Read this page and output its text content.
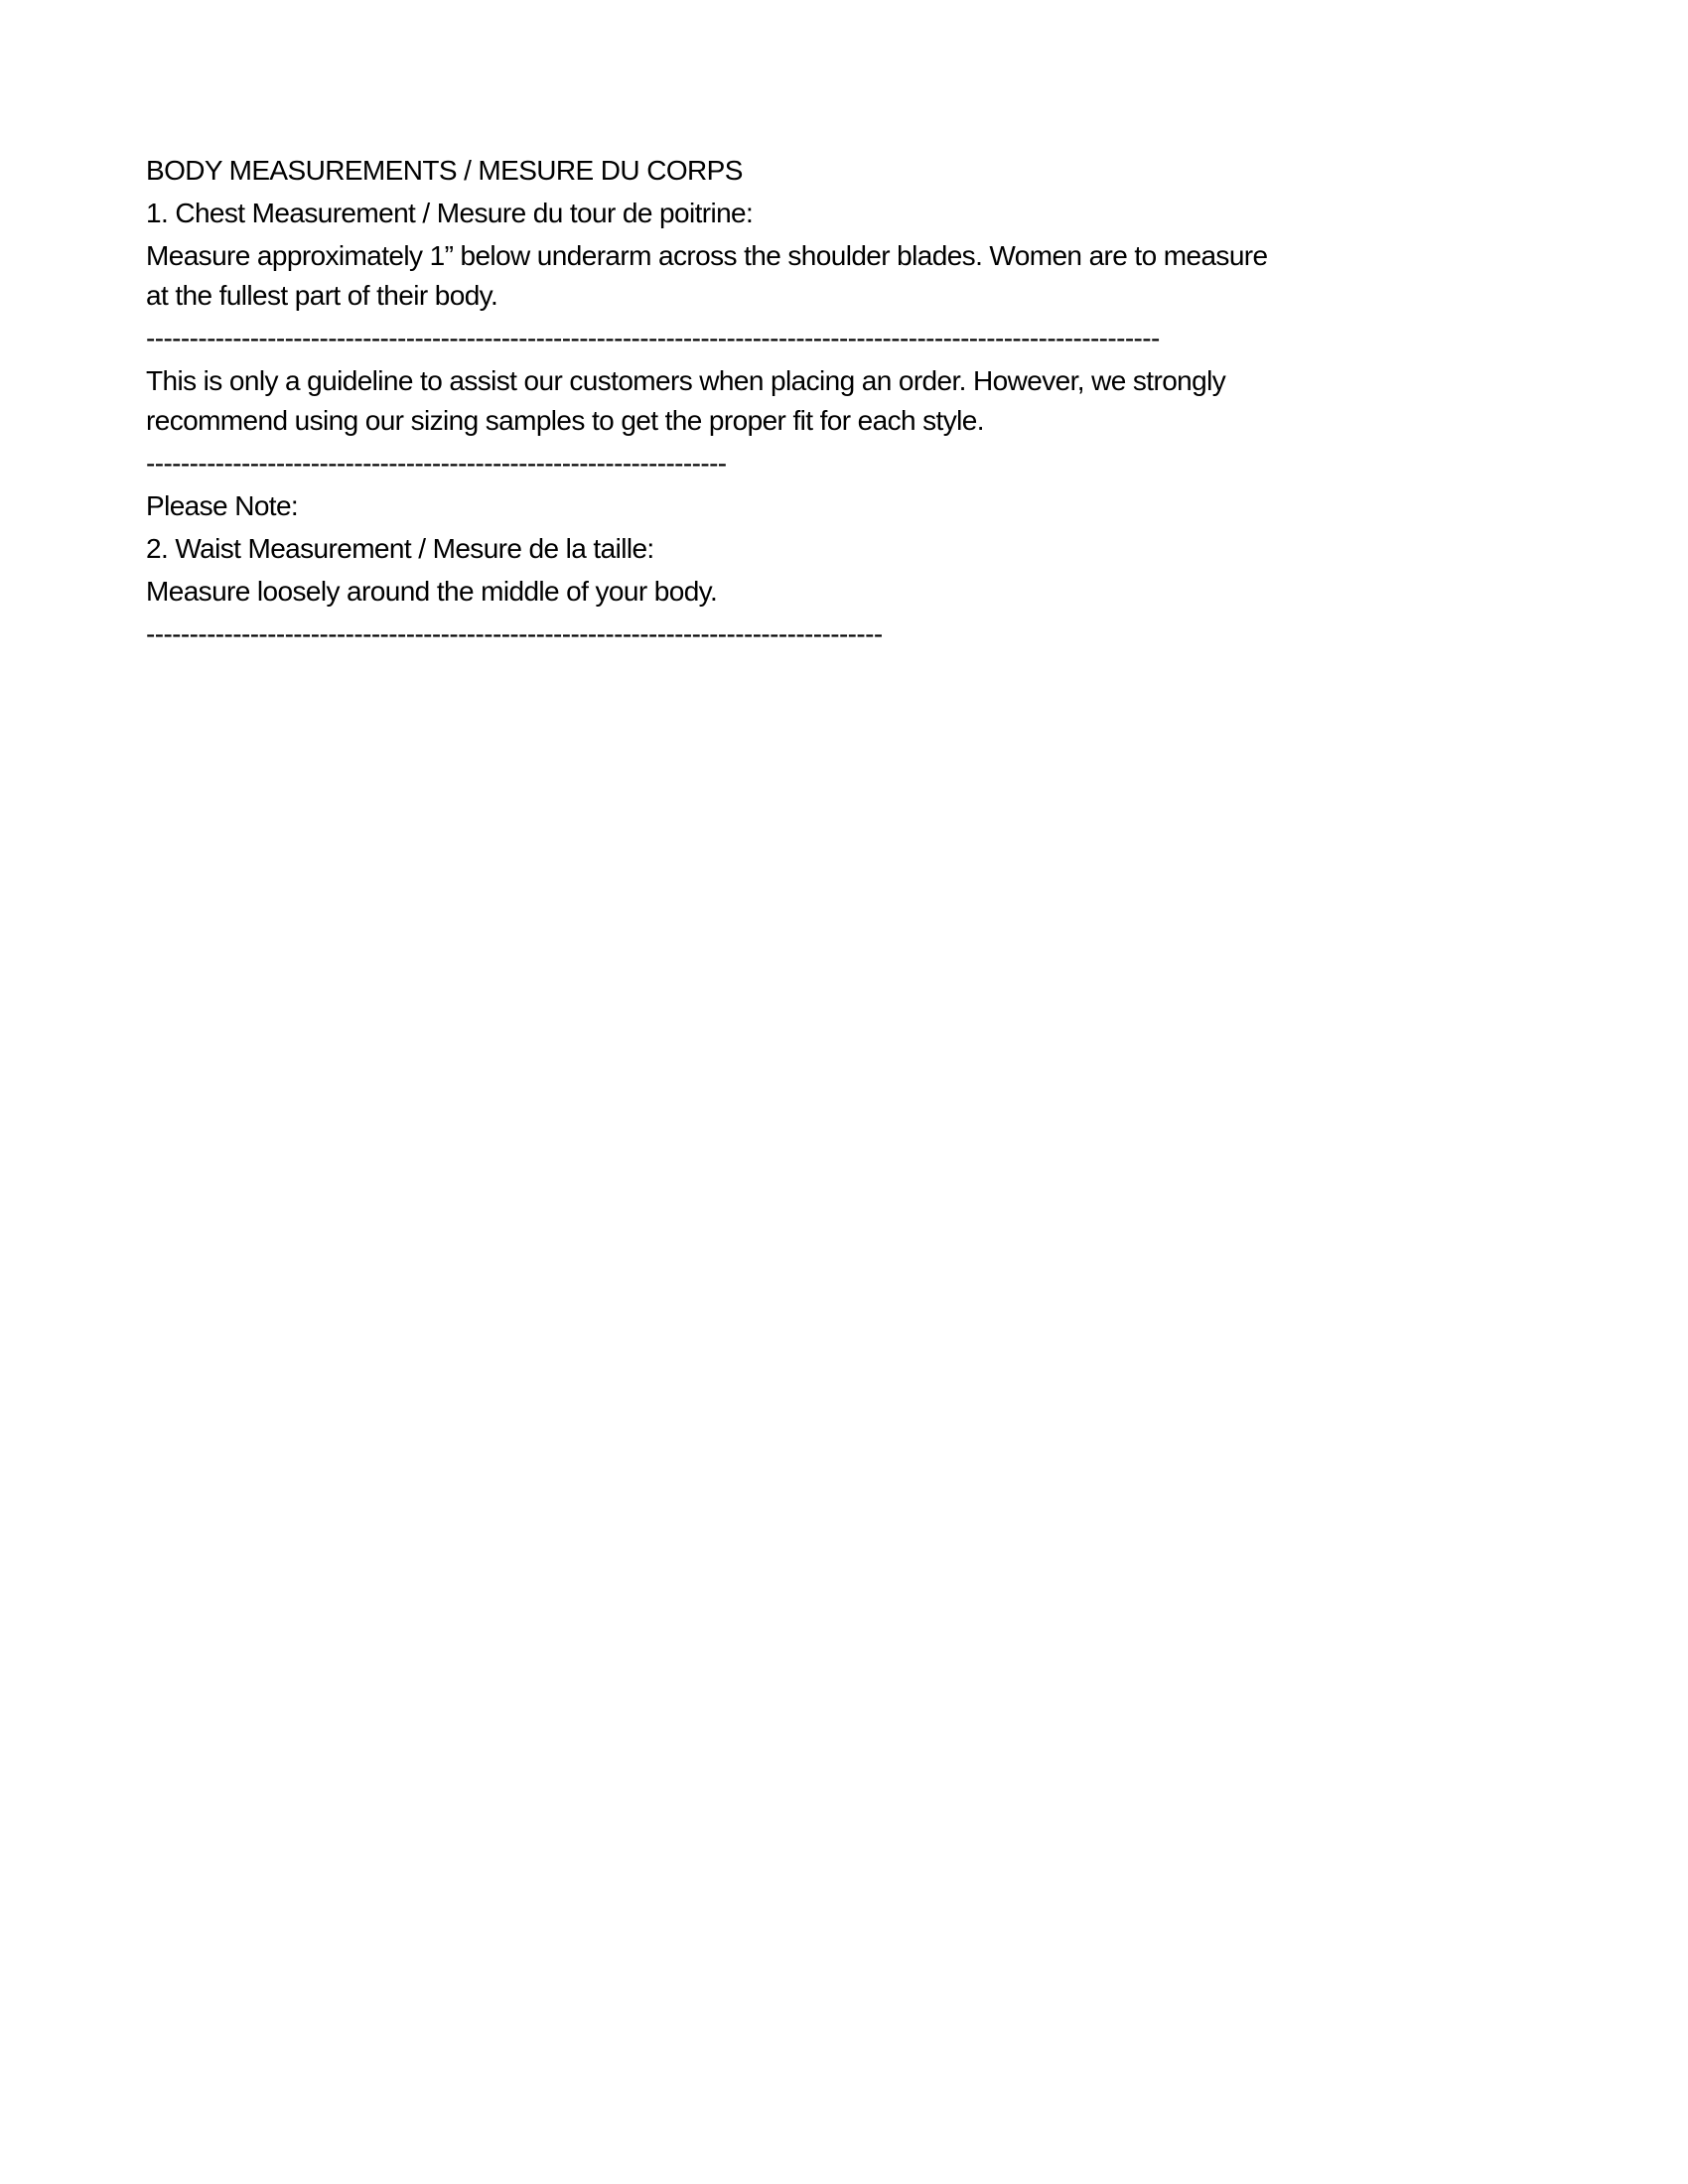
BODY MEASUREMENTS / MESURE DU CORPS

1. Chest Measurement / Mesure du tour de poitrine:

Measure approximately 1” below underarm across the shoulder blades. Women are to measure
at the fullest part of their body.

---------------------------------------------------------------------------------------------------------------------

This is only a guideline to assist our customers when placing an order. However, we strongly
recommend using our sizing samples to get the proper fit for each style.

-------------------------------------------------------------------

Please Note:

2. Waist Measurement / Mesure de la taille:

Measure loosely around the middle of your body.

-------------------------------------------------------------------------------------
